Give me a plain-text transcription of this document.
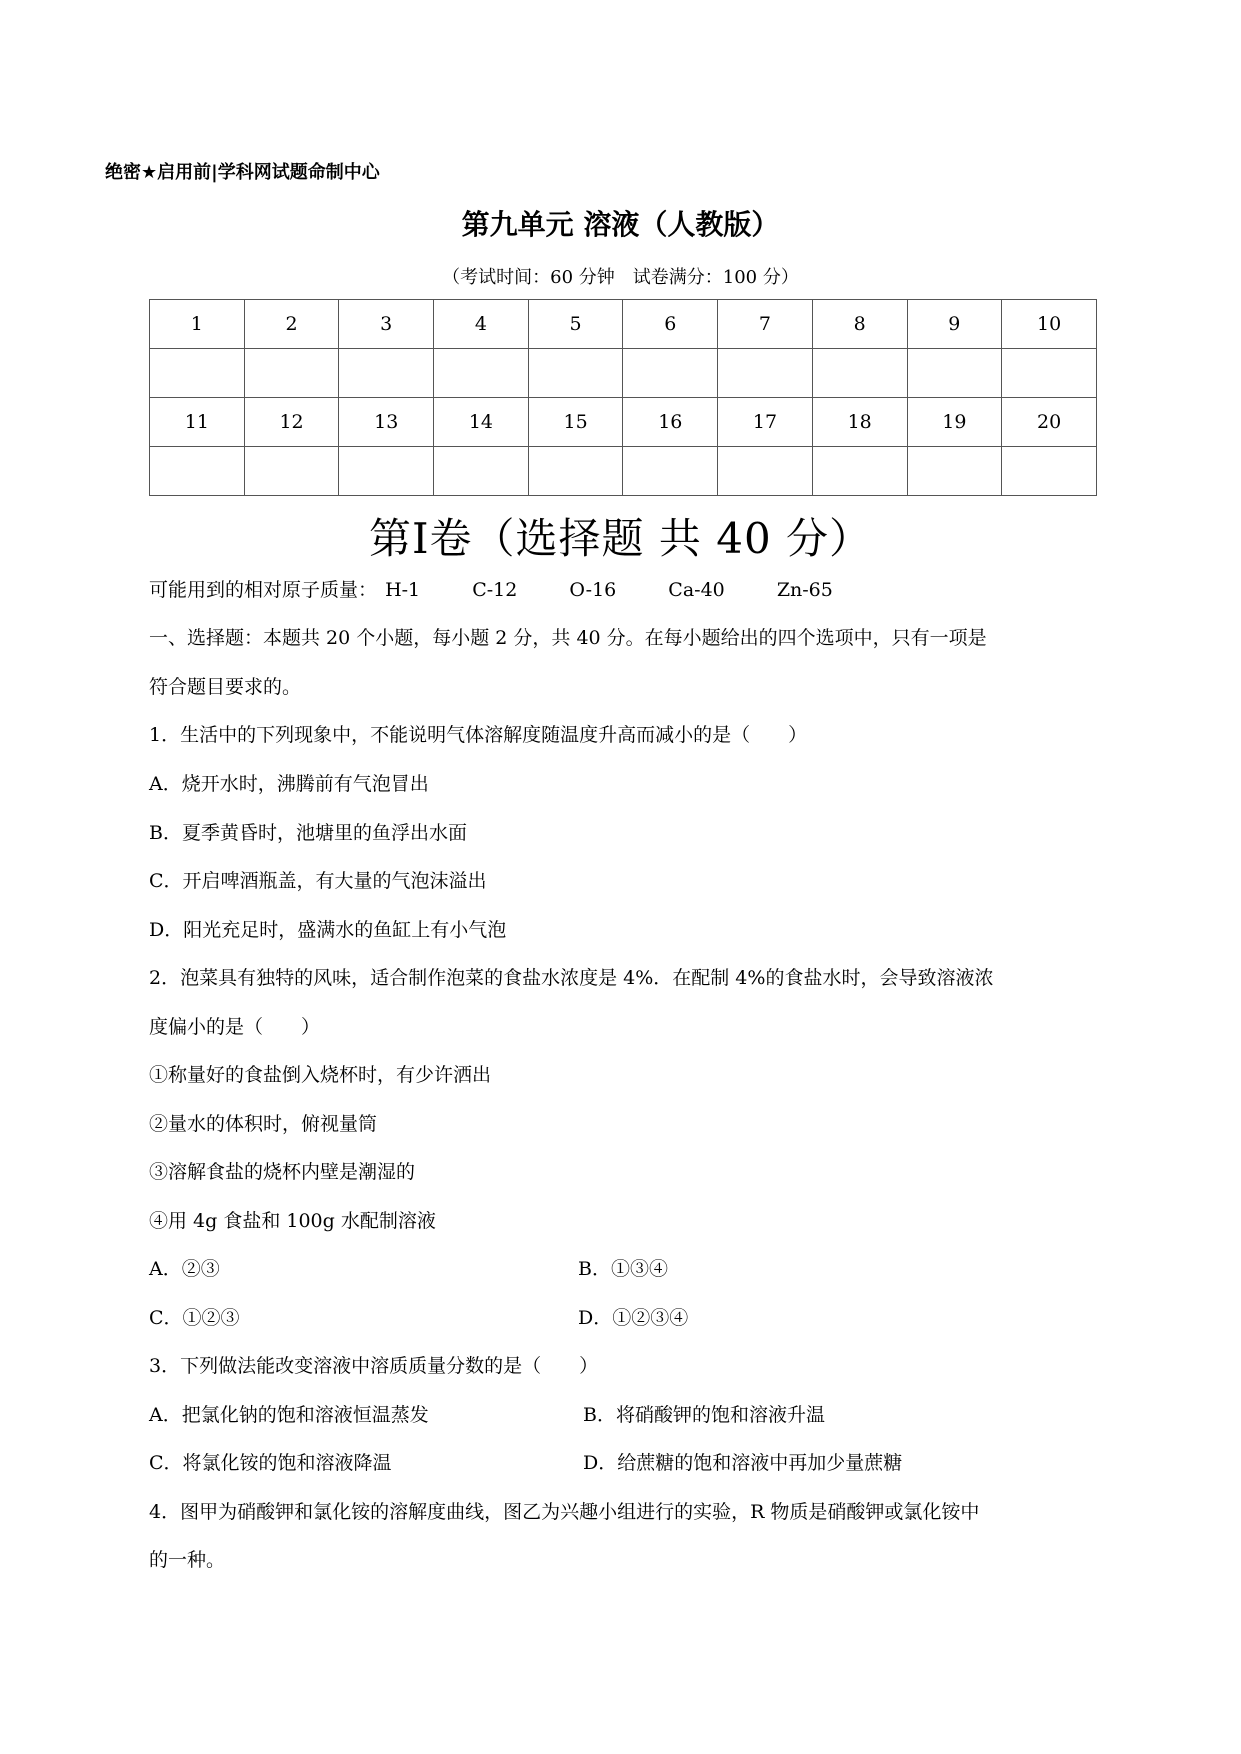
绝密★启用前|学科网试题命制中心
第九单元 溶液（人教版）
（考试时间：60 分钟　试卷满分：100 分）
1	2	3	4	5	6	7	8	9	10

11	12	13	14	15	16	17	18	19	20

第I卷（选择题 共 40 分）
可能用到的相对原子质量： H-1	C-12	O-16	Ca-40	Zn-65
一、选择题：本题共 20 个小题，每小题 2 分，共 40 分。在每小题给出的四个选项中，只有一项是
符合题目要求的。
1．生活中的下列现象中，不能说明气体溶解度随温度升高而减小的是（　　）
A．烧开水时，沸腾前有气泡冒出
B．夏季黄昏时，池塘里的鱼浮出水面
C．开启啤酒瓶盖，有大量的气泡沫溢出
D．阳光充足时，盛满水的鱼缸上有小气泡
2．泡菜具有独特的风味，适合制作泡菜的食盐水浓度是 4%．在配制 4%的食盐水时，会导致溶液浓
度偏小的是（　　）
①称量好的食盐倒入烧杯时，有少许洒出
②量水的体积时，俯视量筒
③溶解食盐的烧杯内壁是潮湿的
④用 4g 食盐和 100g 水配制溶液
A．②③	B．①③④
C．①②③	D．①②③④
3．下列做法能改变溶液中溶质质量分数的是（　　）
A．把氯化钠的饱和溶液恒温蒸发	B．将硝酸钾的饱和溶液升温
C．将氯化铵的饱和溶液降温	D．给蔗糖的饱和溶液中再加少量蔗糖
4．图甲为硝酸钾和氯化铵的溶解度曲线，图乙为兴趣小组进行的实验，R 物质是硝酸钾或氯化铵中
的一种。
